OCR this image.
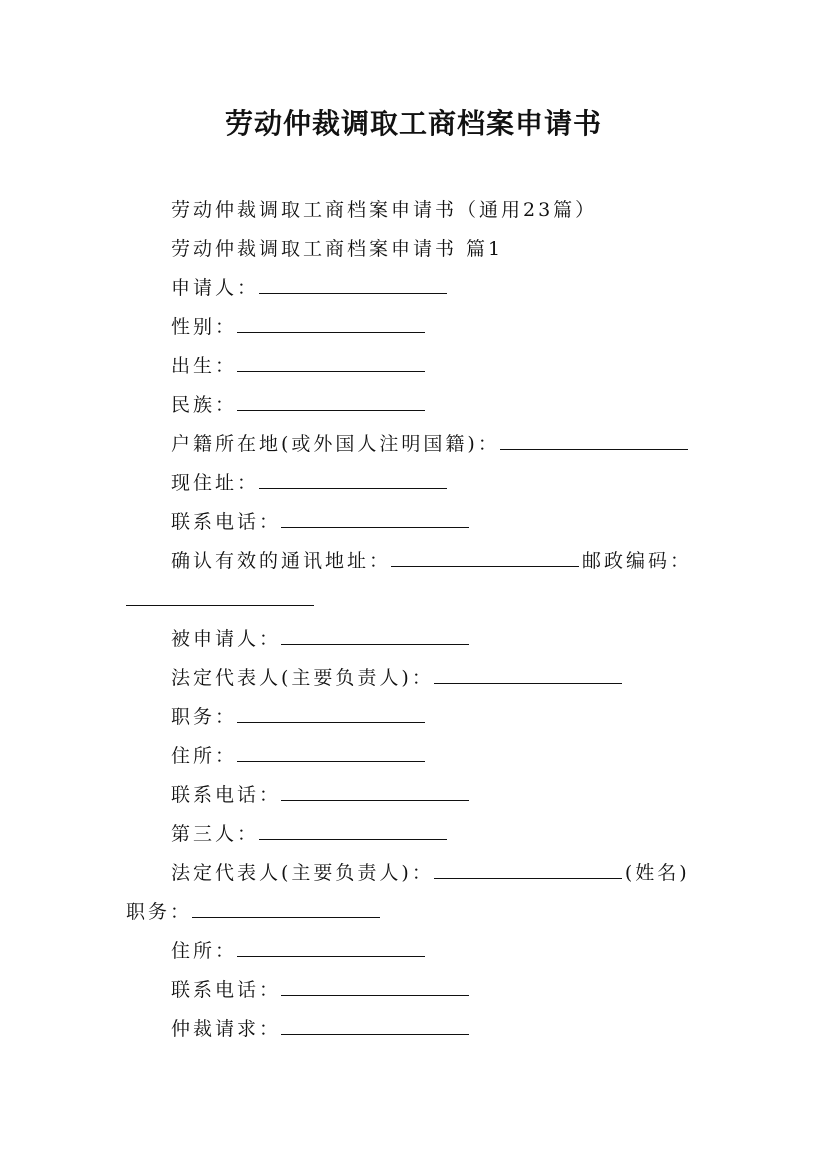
劳动仲裁调取工商档案申请书
劳动仲裁调取工商档案申请书（通用23篇）
劳动仲裁调取工商档案申请书 篇1
申请人：
性别：
出生：
民族：
户籍所在地(或外国人注明国籍)：
现住址：
联系电话：
确认有效的通讯地址：	邮政编码：
被申请人：
法定代表人(主要负责人)：
职务：
住所：
联系电话：
第三人：
法定代表人(主要负责人)：	(姓名)
职务：
住所：
联系电话：
仲裁请求：
